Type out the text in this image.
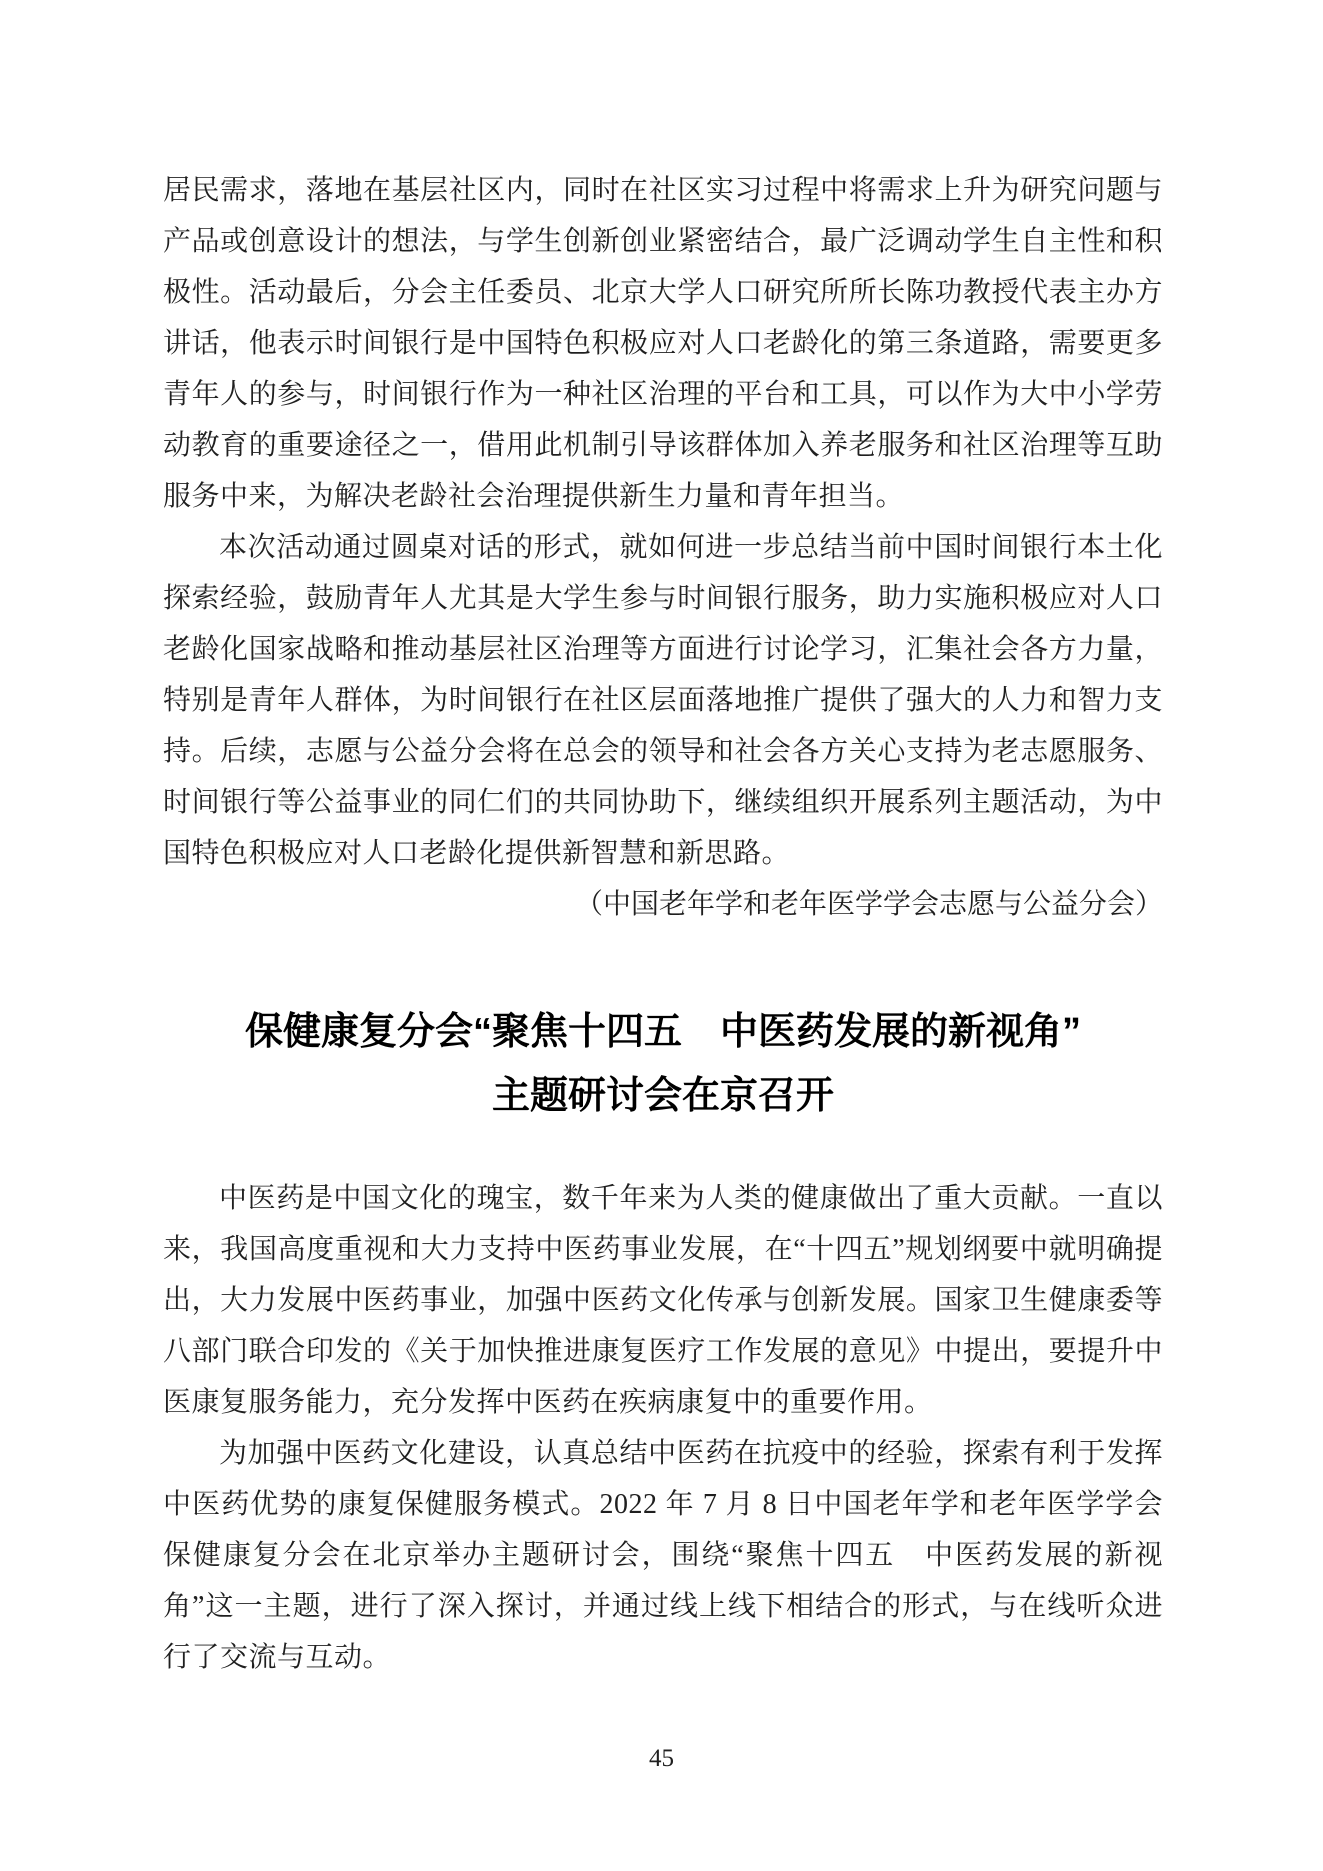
居民需求，落地在基层社区内，同时在社区实习过程中将需求上升为研究问题与产品或创意设计的想法，与学生创新创业紧密结合，最广泛调动学生自主性和积极性。活动最后，分会主任委员、北京大学人口研究所所长陈功教授代表主办方讲话，他表示时间银行是中国特色积极应对人口老龄化的第三条道路，需要更多青年人的参与，时间银行作为一种社区治理的平台和工具，可以作为大中小学劳动教育的重要途径之一，借用此机制引导该群体加入养老服务和社区治理等互助服务中来，为解决老龄社会治理提供新生力量和青年担当。

本次活动通过圆桌对话的形式，就如何进一步总结当前中国时间银行本土化探索经验，鼓励青年人尤其是大学生参与时间银行服务，助力实施积极应对人口老龄化国家战略和推动基层社区治理等方面进行讨论学习，汇集社会各方力量，特别是青年人群体，为时间银行在社区层面落地推广提供了强大的人力和智力支持。后续，志愿与公益分会将在总会的领导和社会各方关心支持为老志愿服务、时间银行等公益事业的同仁们的共同协助下，继续组织开展系列主题活动，为中国特色积极应对人口老龄化提供新智慧和新思路。

（中国老年学和老年医学学会志愿与公益分会）

保健康复分会“聚焦十四五　中医药发展的新视角”
主题研讨会在京召开

中医药是中国文化的瑰宝，数千年来为人类的健康做出了重大贡献。一直以来，我国高度重视和大力支持中医药事业发展，在“十四五”规划纲要中就明确提出，大力发展中医药事业，加强中医药文化传承与创新发展。国家卫生健康委等八部门联合印发的《关于加快推进康复医疗工作发展的意见》中提出，要提升中医康复服务能力，充分发挥中医药在疾病康复中的重要作用。

为加强中医药文化建设，认真总结中医药在抗疫中的经验，探索有利于发挥中医药优势的康复保健服务模式。2022 年 7 月 8 日中国老年学和老年医学学会保健康复分会在北京举办主题研讨会，围绕“聚焦十四五　中医药发展的新视角”这一主题，进行了深入探讨，并通过线上线下相结合的形式，与在线听众进行了交流与互动。

45
